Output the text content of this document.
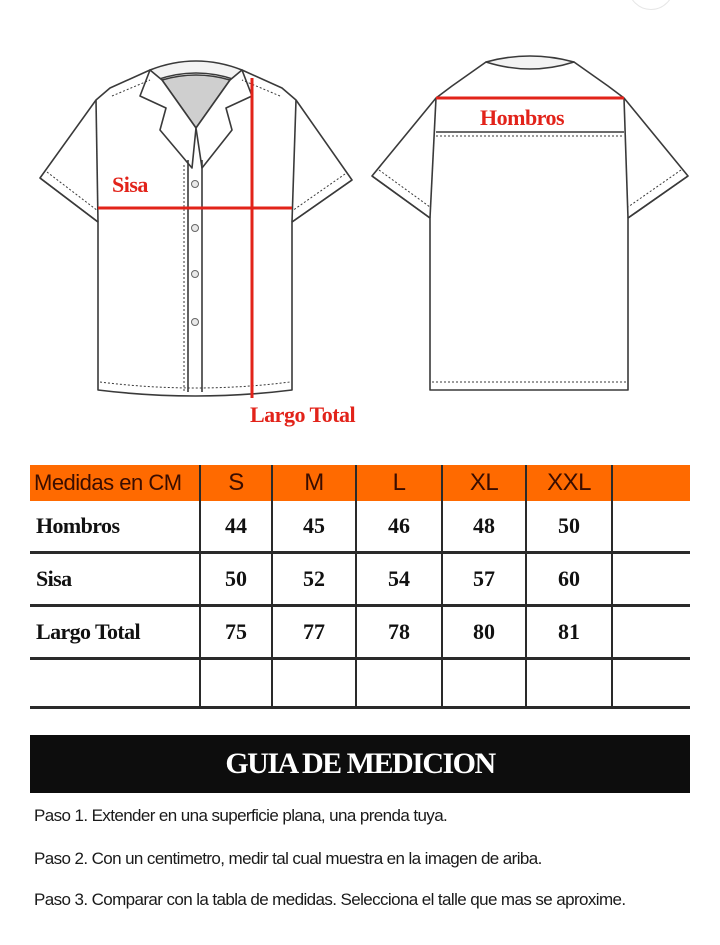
Sisa
Hombros
Largo Total
Medidas en CM	S	M	L	XL	XXL	
Hombros	44	45	46	48	50	
Sisa	50	52	54	57	60	
Largo Total	75	77	78	80	81	

GUIA DE MEDICION
Paso 1. Extender en una superficie plana, una prenda tuya.
Paso 2. Con un centimetro, medir tal cual muestra en la imagen de ariba.
Paso 3. Comparar con la tabla de medidas. Selecciona el talle que mas se aproxime.
